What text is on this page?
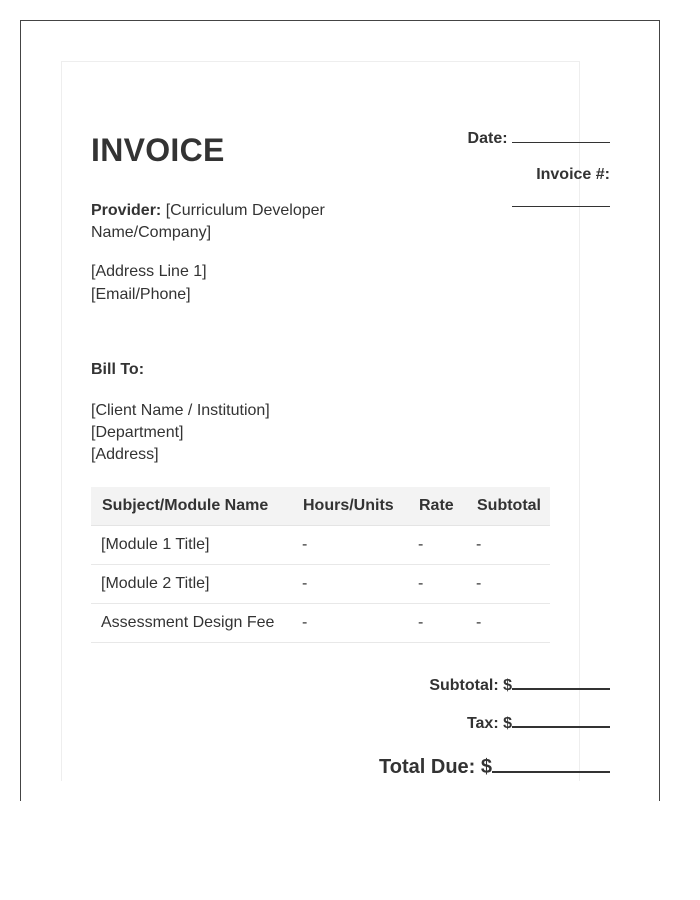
INVOICE	Date:
Invoice #:
Provider: [Curriculum Developer Name/Company]
[Address Line 1]
[Email/Phone]
Bill To:
[Client Name / Institution]
[Department]
[Address]
Subject/Module Name	Hours/Units	Rate	Subtotal
[Module 1 Title]	-	-	-
[Module 2 Title]	-	-	-
Assessment Design Fee	-	-	-
Subtotal: $
Tax: $
Total Due: $
